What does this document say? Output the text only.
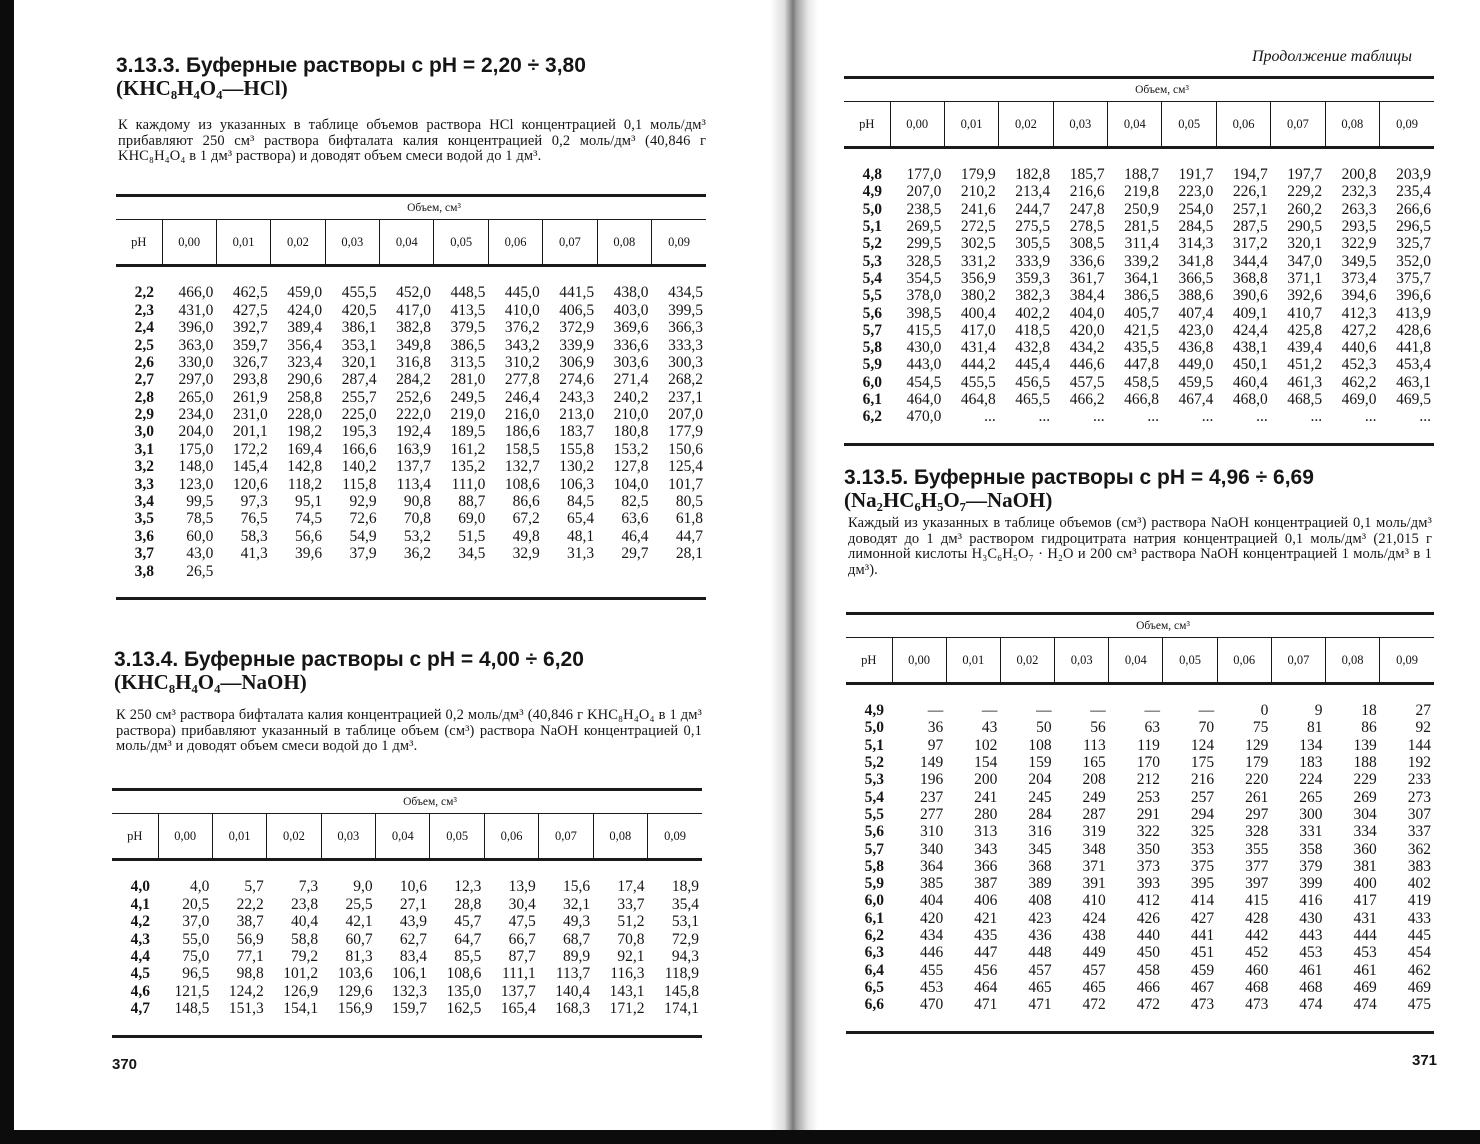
3.13.3. Буферные растворы с pH = 2,20 ÷ 3,80
(KHC₈H₄O₄—HCl)

К каждому из указанных в таблице объемов раствора HCl концентрацией 0,1 моль/дм³ прибавляют 250 см³ раствора бифталата калия концентрацией 0,2 моль/дм³ (40,846 г KHC₈H₄O₄ в 1 дм³ раствора) и доводят объем смеси водой до 1 дм³.

	Объем, см³									
pH	0,00	0,01	0,02	0,03	0,04	0,05	0,06	0,07	0,08	0,09

2,2	466,0	462,5	459,0	455,5	452,0	448,5	445,0	441,5	438,0	434,5
2,3	431,0	427,5	424,0	420,5	417,0	413,5	410,0	406,5	403,0	399,5
2,4	396,0	392,7	389,4	386,1	382,8	379,5	376,2	372,9	369,6	366,3
2,5	363,0	359,7	356,4	353,1	349,8	386,5	343,2	339,9	336,6	333,3
2,6	330,0	326,7	323,4	320,1	316,8	313,5	310,2	306,9	303,6	300,3
2,7	297,0	293,8	290,6	287,4	284,2	281,0	277,8	274,6	271,4	268,2
2,8	265,0	261,9	258,8	255,7	252,6	249,5	246,4	243,3	240,2	237,1
2,9	234,0	231,0	228,0	225,0	222,0	219,0	216,0	213,0	210,0	207,0
3,0	204,0	201,1	198,2	195,3	192,4	189,5	186,6	183,7	180,8	177,9
3,1	175,0	172,2	169,4	166,6	163,9	161,2	158,5	155,8	153,2	150,6
3,2	148,0	145,4	142,8	140,2	137,7	135,2	132,7	130,2	127,8	125,4
3,3	123,0	120,6	118,2	115,8	113,4	111,0	108,6	106,3	104,0	101,7
3,4	99,5	97,3	95,1	92,9	90,8	88,7	86,6	84,5	82,5	80,5
3,5	78,5	76,5	74,5	72,6	70,8	69,0	67,2	65,4	63,6	61,8
3,6	60,0	58,3	56,6	54,9	53,2	51,5	49,8	48,1	46,4	44,7
3,7	43,0	41,3	39,6	37,9	36,2	34,5	32,9	31,3	29,7	28,1
3,8	26,5									

3.13.4. Буферные растворы с pH = 4,00 ÷ 6,20
(KHC₈H₄O₄—NaOH)

К 250 см³ раствора бифталата калия концентрацией 0,2 моль/дм³ (40,846 г KHC₈H₄O₄ в 1 дм³ раствора) прибавляют указанный в таблице объем (см³) раствора NaOH концентрацией 0,1 моль/дм³ и доводят объем смеси водой до 1 дм³.

	Объем, см³									
pH	0,00	0,01	0,02	0,03	0,04	0,05	0,06	0,07	0,08	0,09

4,0	4,0	5,7	7,3	9,0	10,6	12,3	13,9	15,6	17,4	18,9
4,1	20,5	22,2	23,8	25,5	27,1	28,8	30,4	32,1	33,7	35,4
4,2	37,0	38,7	40,4	42,1	43,9	45,7	47,5	49,3	51,2	53,1
4,3	55,0	56,9	58,8	60,7	62,7	64,7	66,7	68,7	70,8	72,9
4,4	75,0	77,1	79,2	81,3	83,4	85,5	87,7	89,9	92,1	94,3
4,5	96,5	98,8	101,2	103,6	106,1	108,6	111,1	113,7	116,3	118,9
4,6	121,5	124,2	126,9	129,6	132,3	135,0	137,7	140,4	143,1	145,8
4,7	148,5	151,3	154,1	156,9	159,7	162,5	165,4	168,3	171,2	174,1

370

Продолжение таблицы

	Объем, см³									
pH	0,00	0,01	0,02	0,03	0,04	0,05	0,06	0,07	0,08	0,09

4,8	177,0	179,9	182,8	185,7	188,7	191,7	194,7	197,7	200,8	203,9
4,9	207,0	210,2	213,4	216,6	219,8	223,0	226,1	229,2	232,3	235,4
5,0	238,5	241,6	244,7	247,8	250,9	254,0	257,1	260,2	263,3	266,6
5,1	269,5	272,5	275,5	278,5	281,5	284,5	287,5	290,5	293,5	296,5
5,2	299,5	302,5	305,5	308,5	311,4	314,3	317,2	320,1	322,9	325,7
5,3	328,5	331,2	333,9	336,6	339,2	341,8	344,4	347,0	349,5	352,0
5,4	354,5	356,9	359,3	361,7	364,1	366,5	368,8	371,1	373,4	375,7
5,5	378,0	380,2	382,3	384,4	386,5	388,6	390,6	392,6	394,6	396,6
5,6	398,5	400,4	402,2	404,0	405,7	407,4	409,1	410,7	412,3	413,9
5,7	415,5	417,0	418,5	420,0	421,5	423,0	424,4	425,8	427,2	428,6
5,8	430,0	431,4	432,8	434,2	435,5	436,8	438,1	439,4	440,6	441,8
5,9	443,0	444,2	445,4	446,6	447,8	449,0	450,1	451,2	452,3	453,4
6,0	454,5	455,5	456,5	457,5	458,5	459,5	460,4	461,3	462,2	463,1
6,1	464,0	464,8	465,5	466,2	466,8	467,4	468,0	468,5	469,0	469,5
6,2	470,0	...	...	...	...	...	...	...	...	...

3.13.5. Буферные растворы с pH = 4,96 ÷ 6,69
(Na₂HC₆H₅O₇—NaOH)

Каждый из указанных в таблице объемов (см³) раствора NaOH концентрацией 0,1 моль/дм³ доводят до 1 дм³ раствором гидроцитрата натрия концентрацией 0,1 моль/дм³ (21,015 г лимонной кислоты H₃C₆H₅O₇ · H₂O и 200 см³ раствора NaOH концентрацией 1 моль/дм³ в 1 дм³).

	Объем, см³									
pH	0,00	0,01	0,02	0,03	0,04	0,05	0,06	0,07	0,08	0,09

4,9	—	—	—	—	—	—	0	9	18	27
5,0	36	43	50	56	63	70	75	81	86	92
5,1	97	102	108	113	119	124	129	134	139	144
5,2	149	154	159	165	170	175	179	183	188	192
5,3	196	200	204	208	212	216	220	224	229	233
5,4	237	241	245	249	253	257	261	265	269	273
5,5	277	280	284	287	291	294	297	300	304	307
5,6	310	313	316	319	322	325	328	331	334	337
5,7	340	343	345	348	350	353	355	358	360	362
5,8	364	366	368	371	373	375	377	379	381	383
5,9	385	387	389	391	393	395	397	399	400	402
6,0	404	406	408	410	412	414	415	416	417	419
6,1	420	421	423	424	426	427	428	430	431	433
6,2	434	435	436	438	440	441	442	443	444	445
6,3	446	447	448	449	450	451	452	453	453	454
6,4	455	456	457	457	458	459	460	461	461	462
6,5	453	464	465	465	466	467	468	468	469	469
6,6	470	471	471	472	472	473	473	474	474	475

371
